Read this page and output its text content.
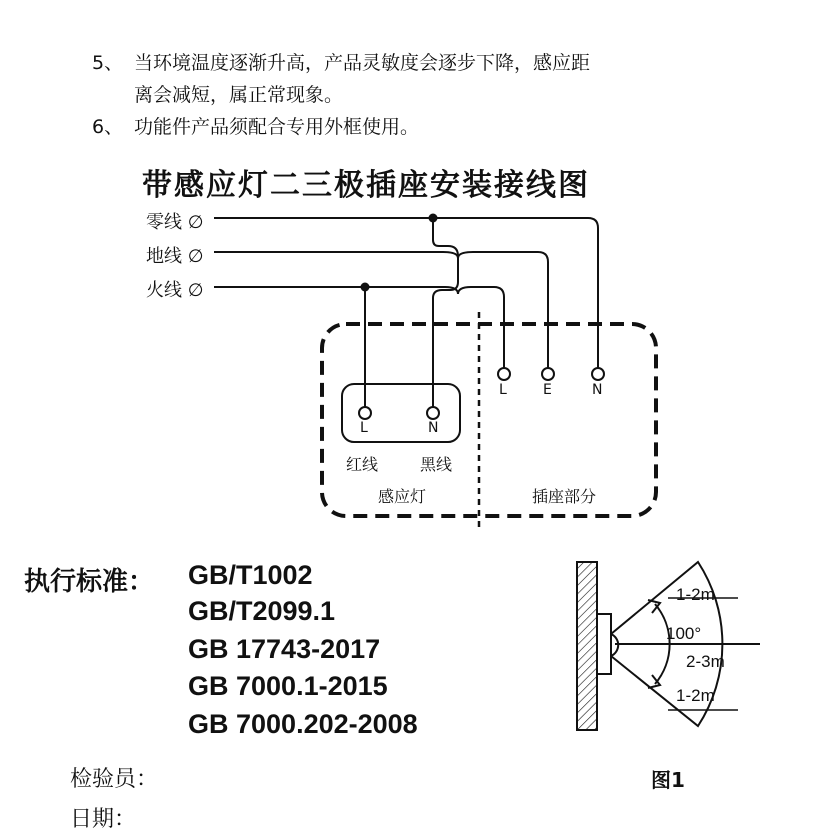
5、 当环境温度逐渐升高，产品灵敏度会逐步下降，感应距
离会减短，属正常现象。
6、 功能件产品须配合专用外框使用。
带感应灯二三极插座安装接线图
零线 ∅
地线 ∅
火线 ∅
L	N
L	E	N
红线	黑线
感应灯	插座部分
执行标准： GB/T1002
GB/T2099.1
GB 17743-2017
GB 7000.1-2015
GB 7000.202-2008
检验员：
日期：
1-2m
100°
2-3m
1-2m
图1
